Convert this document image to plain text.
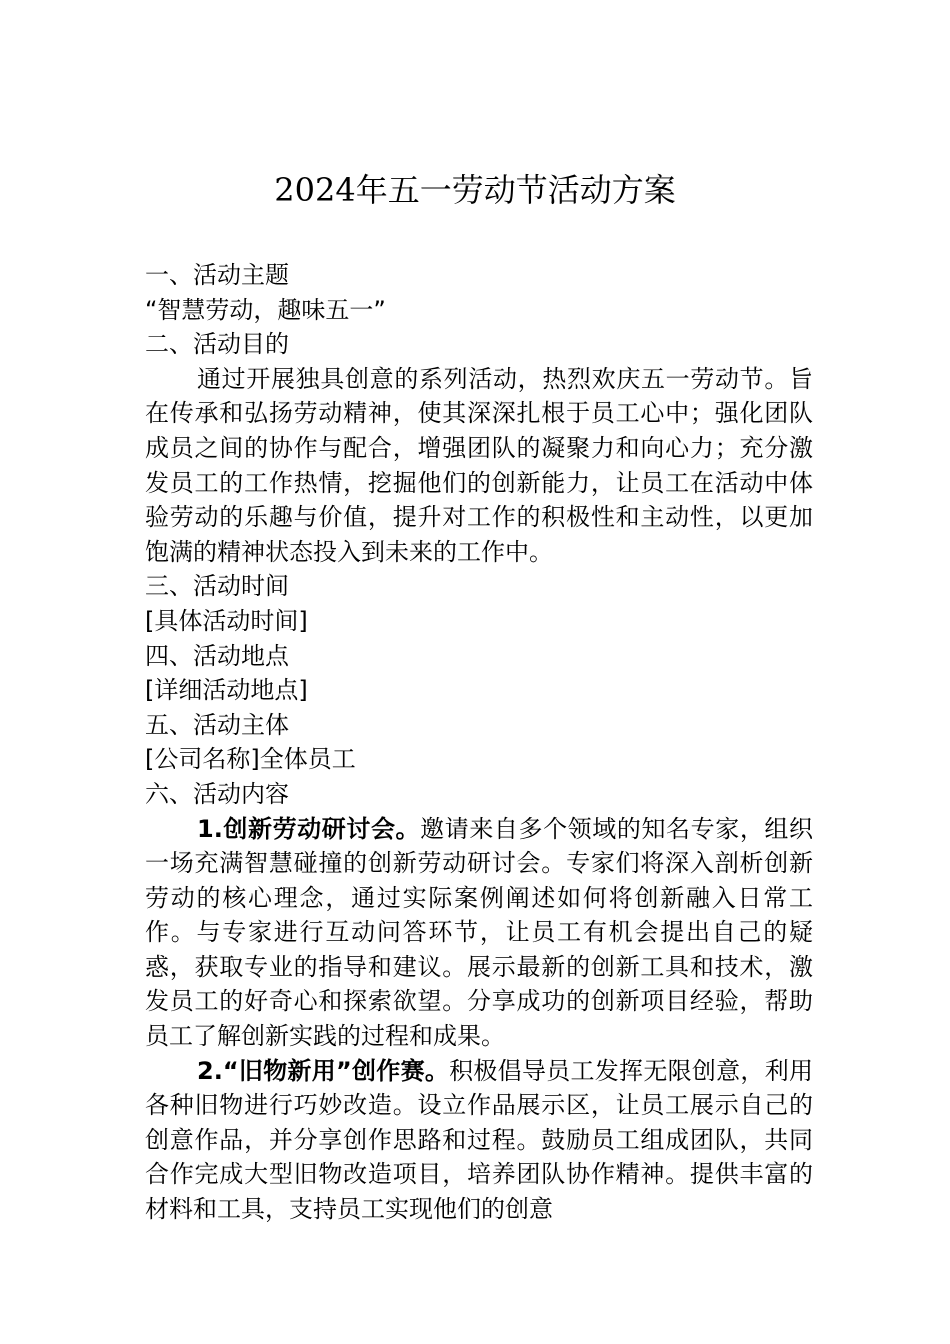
2024年五一劳动节活动方案

一、活动主题

“智慧劳动，趣味五一”

二、活动目的

通过开展独具创意的系列活动，热烈欢庆五一劳动节。旨在传承和弘扬劳动精神，使其深深扎根于员工心中；强化团队成员之间的协作与配合，增强团队的凝聚力和向心力；充分激发员工的工作热情，挖掘他们的创新能力，让员工在活动中体验劳动的乐趣与价值，提升对工作的积极性和主动性，以更加饱满的精神状态投入到未来的工作中。

三、活动时间

[具体活动时间]

四、活动地点

[详细活动地点]

五、活动主体

[公司名称]全体员工

六、活动内容

1.创新劳动研讨会。邀请来自多个领域的知名专家，组织一场充满智慧碰撞的创新劳动研讨会。专家们将深入剖析创新劳动的核心理念，通过实际案例阐述如何将创新融入日常工作。与专家进行互动问答环节，让员工有机会提出自己的疑惑，获取专业的指导和建议。展示最新的创新工具和技术，激发员工的好奇心和探索欲望。分享成功的创新项目经验，帮助员工了解创新实践的过程和成果。

2.“旧物新用”创作赛。积极倡导员工发挥无限创意，利用各种旧物进行巧妙改造。设立作品展示区，让员工展示自己的创意作品，并分享创作思路和过程。鼓励员工组成团队，共同合作完成大型旧物改造项目，培养团队协作精神。提供丰富的材料和工具，支持员工实现他们的创意
